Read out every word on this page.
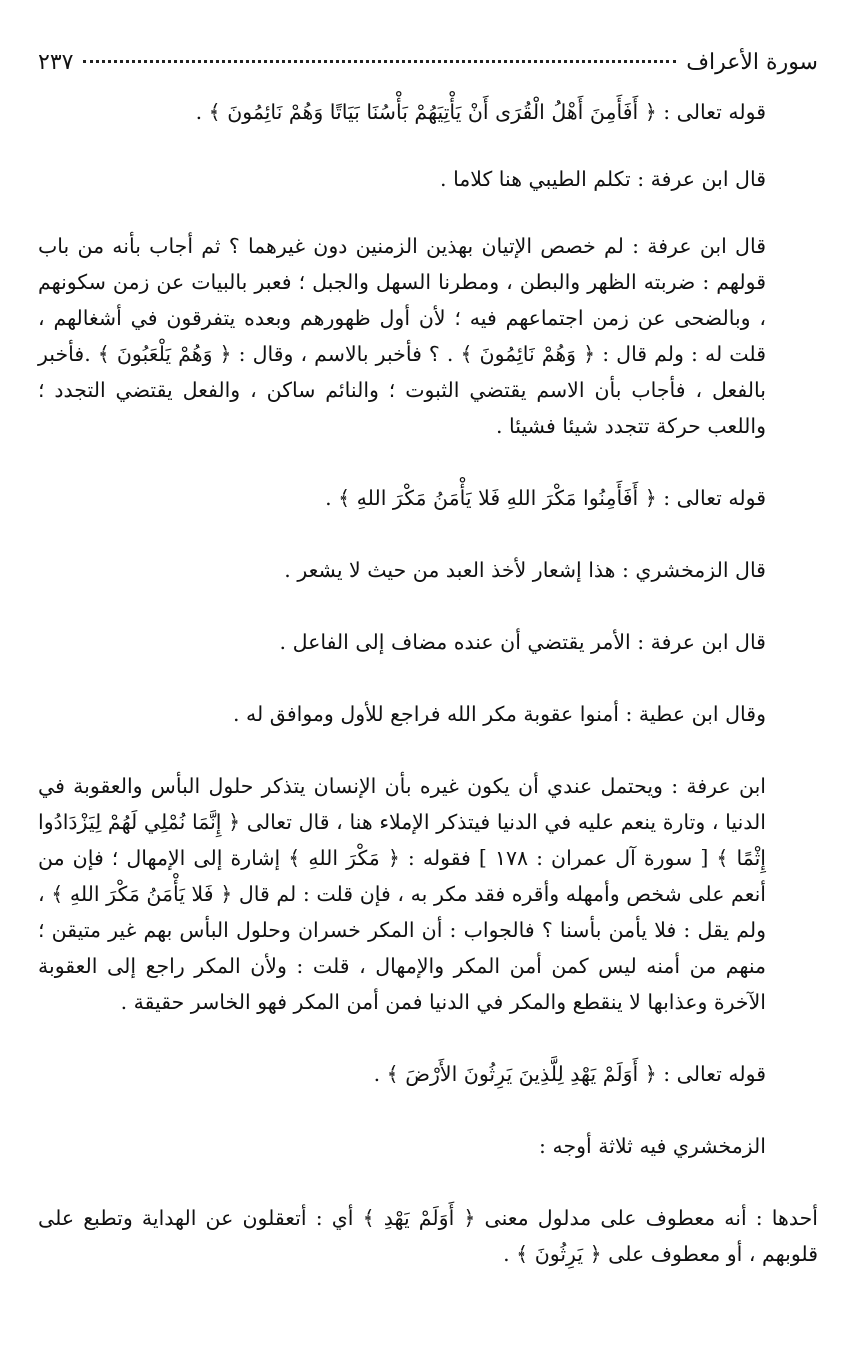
سورة الأعراف
٢٣٧

قوله تعالى : ﴿ أَفَأَمِنَ أَهْلُ الْقُرَى أَنْ يَأْتِيَهُمْ بَأْسُنَا بَيَاتًا وَهُمْ نَائِمُونَ ﴾ .

قال ابن عرفة : تكلم الطيبي هنا كلاما .

قال ابن عرفة : لم خصص الإتيان بهذين الزمنين دون غيرهما ؟ ثم أجاب بأنه من باب قولهم : ضربته الظهر والبطن ، ومطرنا السهل والجبل ؛ فعبر بالبيات عن زمن سكونهم ، وبالضحى عن زمن اجتماعهم فيه ؛ لأن أول ظهورهم وبعده يتفرقون في أشغالهم ، قلت له : ولم قال : ﴿ وَهُمْ نَائِمُونَ ﴾ . ؟ فأخبر بالاسم ، وقال : ﴿ وَهُمْ يَلْعَبُونَ ﴾ .فأخبر بالفعل ، فأجاب بأن الاسم يقتضي الثبوت ؛ والنائم ساكن ، والفعل يقتضي التجدد ؛ واللعب حركة تتجدد شيئا فشيئا .

قوله تعالى : ﴿ أَفَأَمِنُوا مَكْرَ اللهِ فَلا يَأْمَنُ مَكْرَ اللهِ ﴾ .

قال الزمخشري : هذا إشعار لأخذ العبد من حيث لا يشعر .

قال ابن عرفة : الأمر يقتضي أن عنده مضاف إلى الفاعل .

وقال ابن عطية : أمنوا عقوبة مكر الله فراجع للأول وموافق له .

ابن عرفة : ويحتمل عندي أن يكون غيره بأن الإنسان يتذكر حلول البأس والعقوبة في الدنيا ، وتارة ينعم عليه في الدنيا فيتذكر الإملاء هنا ، قال تعالى ﴿ إِنَّمَا نُمْلِي لَهُمْ لِيَزْدَادُوا إِثْمًا ﴾ [ سورة آل عمران : ١٧٨ ] فقوله : ﴿ مَكْرَ اللهِ ﴾ إشارة إلى الإمهال ؛ فإن من أنعم على شخص وأمهله وأقره فقد مكر به ، فإن قلت : لم قال ﴿ فَلا يَأْمَنُ مَكْرَ اللهِ ﴾ ، ولم يقل : فلا يأمن بأسنا ؟ فالجواب : أن المكر خسران وحلول البأس بهم غير متيقن ؛ منهم من أمنه ليس كمن أمن المكر والإمهال ، قلت : ولأن المكر راجع إلى العقوبة الآخرة وعذابها لا ينقطع والمكر في الدنيا فمن أمن المكر فهو الخاسر حقيقة .

قوله تعالى : ﴿ أَوَلَمْ يَهْدِ لِلَّذِينَ يَرِثُونَ الأَرْضَ ﴾ .

الزمخشري فيه ثلاثة أوجه :

أحدها : أنه معطوف على مدلول معنى ﴿ أَوَلَمْ يَهْدِ ﴾ أي : أتعقلون عن الهداية وتطبع على قلوبهم ، أو معطوف على ﴿ يَرِثُونَ ﴾ .
